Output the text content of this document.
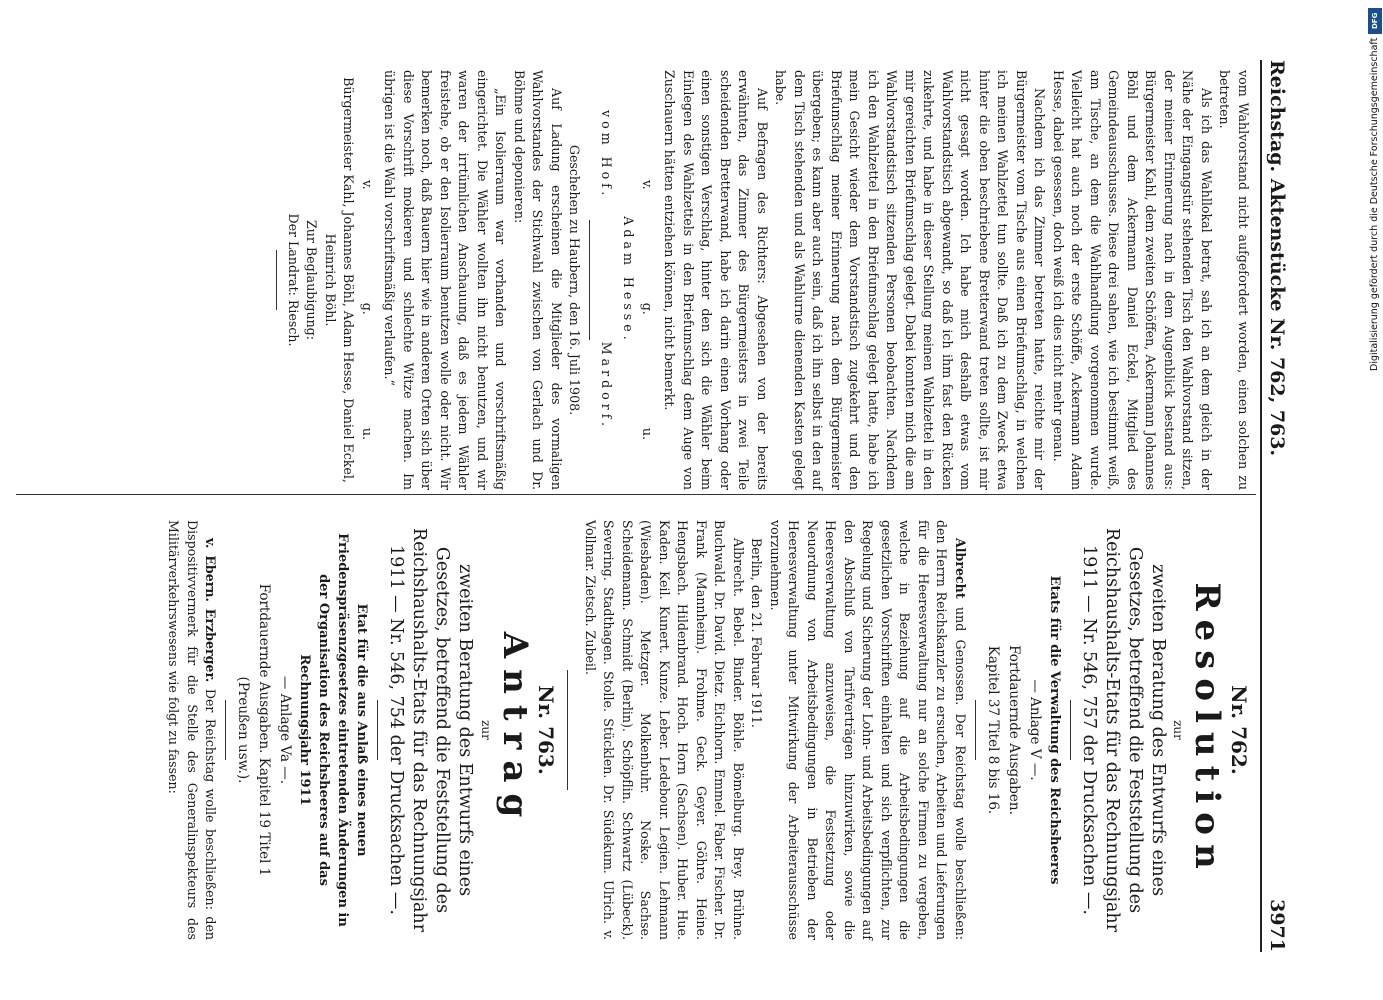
Reichstag. Aktenstücke Nr. 762, 763.
3971

vom Wahlvorstand nicht aufgefordert worden, einen solchen zu betreten.

Als ich das Wahllokal betrat, sah ich an dem gleich in der Nähe der Eingangstür stehenden Tisch den Wahlvorstand sitzen, der meiner Erinnerung nach in dem Augenblick bestand aus: Bürgermeister Kahl, dem zweiten Schöffen, Ackermann Johannes Böhl und dem Ackermann Daniel Eckel, Mitglied des Gemeindeausschusses. Diese drei sahen, wie ich bestimmt weiß, am Tische, an dem die Wahlhandlung vorgenommen wurde. Vielleicht hat auch noch der erste Schöffe, Ackermann Adam Hesse, dabei gesessen, doch weiß ich dies nicht mehr genau.

Nachdem ich das Zimmer betreten hatte, reichte mir der Bürgermeister vom Tische aus einen Briefumschlag, in welchen ich meinen Wahlzettel tun sollte. Daß ich zu dem Zweck etwa hinter die oben beschriebene Bretterwand treten sollte, ist mir nicht gesagt worden. Ich habe mich deshalb etwas vom Wahlvorstandstisch abgewandt, so daß ich ihm fast den Rücken zukehrte, und habe in dieser Stellung meinen Wahlzettel in den mir gereichten Briefumschlag gelegt. Dabei konnten mich die am Wahlvorstandstisch sitzenden Personen beobachten. Nachdem ich den Wahlzettel in den Briefumschlag gelegt hatte, habe ich mein Gesicht wieder dem Vorstandstisch zugekehrt und den Briefumschlag meiner Erinnerung nach dem Bürgermeister übergeben; es kann aber auch sein, daß ich ihn selbst in den auf dem Tisch stehenden und als Wahlurne dienenden Kasten gelegt habe.

Auf Befragen des Richters: Abgesehen von der bereits erwähnten, das Zimmer des Bürgermeisters in zwei Teile scheidenden Bretterwand, habe ich darin einen Vorhang oder einen sonstigen Verschlag, hinter den sich die Wähler beim Einlegen des Wahlzettels in den Briefumschlag dem Auge von Zuschauern hätten entziehen können, nicht bemerkt.

v.
g.
u.

Adam Hesse.

vom Hof.
Mardorf.

Geschehen zu Haubern, den 16. Juli 1908.

Auf Ladung erscheinen die Mitglieder des vormaligen Wahlvorstandes der Stichwahl zwischen von Gerlach und Dr. Böhme und deponieren:

„Ein Isolierraum war vorhanden und vorschriftsmäßig eingerichtet. Die Wähler wollten ihn nicht benutzen, und wir waren der irrtümlichen Anschauung, daß es jedem Wähler freistehe, ob er den Isolierraum benutzen wolle oder nicht. Wir bemerken noch, daß Bauern hier wie in anderen Orten sich über diese Vorschrift mokieren und schlechte Witze machen. Im übrigen ist die Wahl vorschriftsmäßig verlaufen.“

v.
g.
u.

Bürgermeister Kahl, Johannes Böhl, Adam Hesse, Daniel Eckel, Heinrich Böhl.

Zur Beglaubigung:

Der Landrat: Riesch.

Nr. 762.

Resolution

zur

zweiten Beratung des Entwurfs eines Gesetzes, betreffend die Feststellung des Reichshaushalts-Etats für das Rechnungsjahr 1911 — Nr. 546, 757 der Drucksachen —.

Etats für die Verwaltung des Reichsheeres

— Anlage V —.

Fortdauernde Ausgaben.

Kapitel 37 Titel 8 bis 16.

Albrecht und Genossen. Der Reichstag wolle beschließen: den Herrn Reichskanzler zu ersuchen, Arbeiten und Lieferungen für die Heeresverwaltung nur an solche Firmen zu vergeben, welche in Beziehung auf die Arbeitsbedingungen die gesetzlichen Vorschriften einhalten und sich verpflichten, zur Regelung und Sicherung der Lohn- und Arbeitsbedingungen auf den Abschluß von Tarifverträgen hinzuwirken, sowie die Heeresverwaltung anzuweisen, die Festsetzung oder Neuordnung von Arbeitsbedingungen in Betrieben der Heeresverwaltung unter Mitwirkung der Arbeiterausschüsse vorzunehmen.

Berlin, den 21. Februar 1911.

Albrecht. Bebel. Binder. Böhle. Bömelburg. Brey. Brühne. Buchwald. Dr. David. Dietz. Eichhorn. Emmel. Faber. Fischer. Dr. Frank (Mannheim). Frohme. Geck. Geyer. Göhre. Heine. Hengsbach. Hildenbrand. Hoch. Horn (Sachsen). Huber. Hue. Kaden. Keil. Kunert. Kunze. Leber. Ledebour. Legien. Lehmann (Wiesbaden). Metzger. Molkenbuhr. Noske. Sachse. Scheidemann. Schmidt (Berlin). Schöpflin. Schwartz (Lübeck). Severing. Stadthagen. Stolle. Stücklen. Dr. Südekum. Ulrich. v. Vollmar. Zietsch. Zubeil.

Nr. 763.

Antrag

zur

zweiten Beratung des Entwurfs eines Gesetzes, betreffend die Feststellung des Reichshaushalts-Etats für das Rechnungsjahr 1911 — Nr. 546, 754 der Drucksachen —.

Etat für die aus Anlaß eines neuen Friedenspräsenzgesetzes eintretenden Änderungen in der Organisation des Reichsheeres auf das Rechnungsjahr 1911

— Anlage Va —.

Fortdauernde Ausgaben. Kapitel 19 Titel 1

(Preußen usw.).

v. Ebern. Erzberger. Der Reichstag wolle beschließen: den Dispositivvermerk für die Stelle des Generalinspekteurs des Militärverkehrswesens wie folgt zu fassen:

DFG
Digitalisierung gefördert durch die Deutsche Forschungsgemeinschaft
